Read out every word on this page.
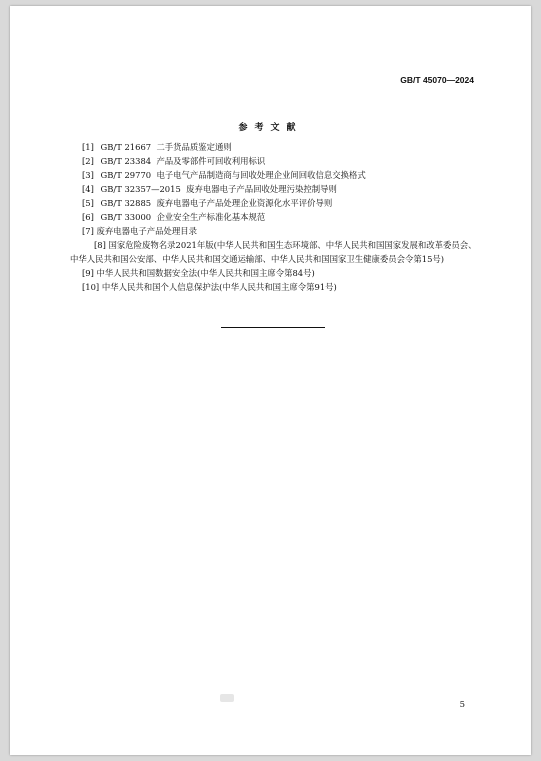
GB/T 45070—2024
参考文献
[1] GB/T 21667 二手货品质鉴定通则
[2] GB/T 23384 产品及零部件可回收利用标识
[3] GB/T 29770 电子电气产品制造商与回收处理企业间回收信息交换格式
[4] GB/T 32357—2015 废弃电器电子产品回收处理污染控制导则
[5] GB/T 32885 废弃电器电子产品处理企业资源化水平评价导则
[6] GB/T 33000 企业安全生产标准化基本规范
[7] 废弃电器电子产品处理目录
[8] 国家危险废物名录2021年版(中华人民共和国生态环境部、中华人民共和国国家发展和改革委员会、中华人民共和国公安部、中华人民共和国交通运输部、中华人民共和国国家卫生健康委员会令第15号)
[9] 中华人民共和国数据安全法(中华人民共和国主席令第84号)
[10] 中华人民共和国个人信息保护法(中华人民共和国主席令第91号)
5
